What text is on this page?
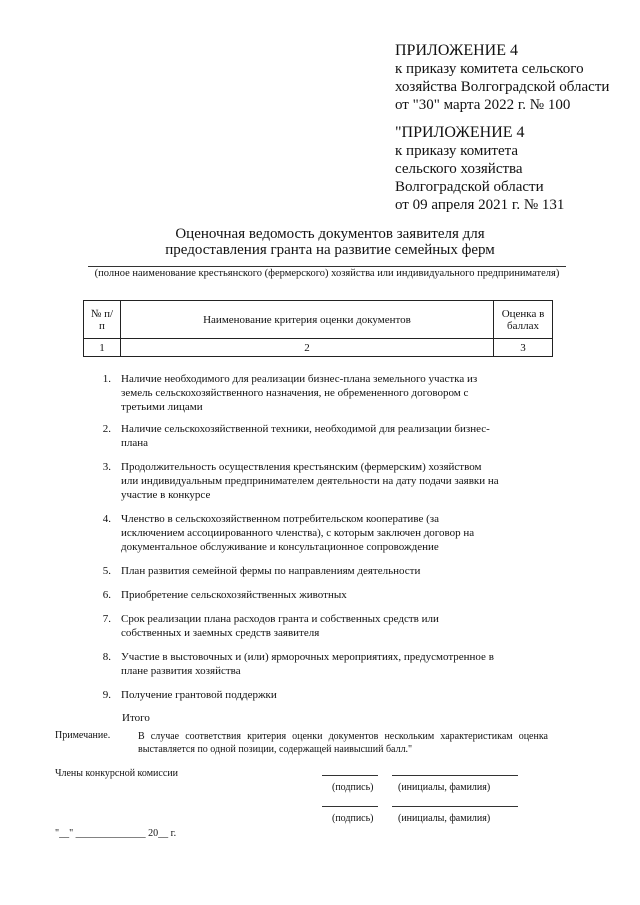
ПРИЛОЖЕНИЕ 4
к приказу комитета сельского
хозяйства Волгоградской области
от "30" марта 2022 г. № 100
"ПРИЛОЖЕНИЕ 4
к приказу комитета
сельского хозяйства
Волгоградской области
от 09 апреля 2021 г. № 131
Оценочная ведомость документов заявителя для
предоставления гранта на развитие семейных ферм
(полное наименование крестьянского (фермерского) хозяйства или индивидуального предпринимателя)
№ п/п	Наименование критерия оценки документов	Оценка в баллах
1	2	3
1. Наличие необходимого для реализации бизнес-плана земельного участка из земель сельскохозяйственного назначения, не обремененного договором с третьими лицами
2. Наличие сельскохозяйственной техники, необходимой для реализации бизнес-плана
3. Продолжительность осуществления крестьянским (фермерским) хозяйством или индивидуальным предпринимателем деятельности на дату подачи заявки на участие в конкурсе
4. Членство в сельскохозяйственном потребительском кооперативе (за исключением ассоциированного членства), с которым заключен договор на документальное обслуживание и консультационное сопровождение
5. План развития семейной фермы по направлениям деятельности
6. Приобретение сельскохозяйственных животных
7. Срок реализации плана расходов гранта и собственных средств или собственных и заемных средств заявителя
8. Участие в выстовочных и (или) ярморочных мероприятиях, предусмотренное в плане развития хозяйства
9. Получение грантовой поддержки
Итого
Примечание.	В случае соответствия критерия оценки документов нескольким характеристикам оценка выставляется по одной позиции, содержащей наивысший балл."
Члены конкурсной комиссии
(подпись) (инициалы, фамилия)
(подпись) (инициалы, фамилия)
"__" ______________ 20__ г.
